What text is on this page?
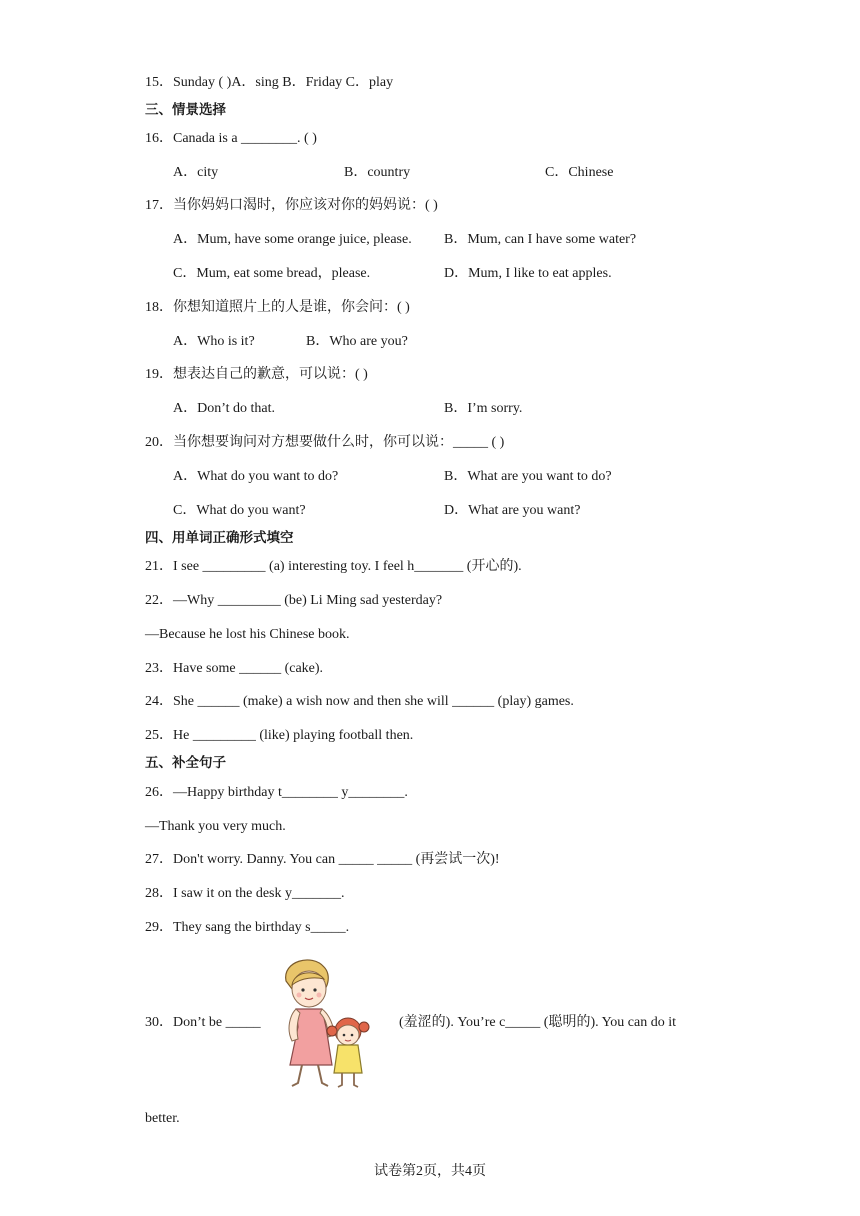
15．Sunday ( )A．sing B．Friday C．play
三、情景选择
16．Canada is a ________. ( )
A．city	B．country	C．Chinese
17．当你妈妈口渴时，你应该对你的妈妈说：( )
A．Mum, have some orange juice, please. B．Mum, can I have some water?
C．Mum, eat some bread，please.	D．Mum, I like to eat apples.
18．你想知道照片上的人是谁，你会问：( )
A．Who is it?	B．Who are you?
19．想表达自己的歉意，可以说：( )
A．Don’t do that.	B．I’m sorry.
20．当你想要询问对方想要做什么时，你可以说：_____ ( )
A．What do you want to do?	B．What are you want to do?
C．What do you want?	D．What are you want?
四、用单词正确形式填空
21．I see _________ (a) interesting toy. I feel h_______ (开心的).
22．—Why _________ (be) Li Ming sad yesterday?
—Because he lost his Chinese book.
23．Have some ______ (cake).
24．She ______ (make) a wish now and then she will ______ (play) games.
25．He _________ (like) playing football then.
五、补全句子
26．—Happy birthday t________ y________.
—Thank you very much.
27．Don't worry. Danny. You can _____ _____ (再尝试一次)!
28．I saw it on the desk y_______.
29．They sang the birthday s_____.
30．Don’t be _____	(羞涩的). You’re c_____ (聪明的). You can do it
better.
试卷第2页，共4页
